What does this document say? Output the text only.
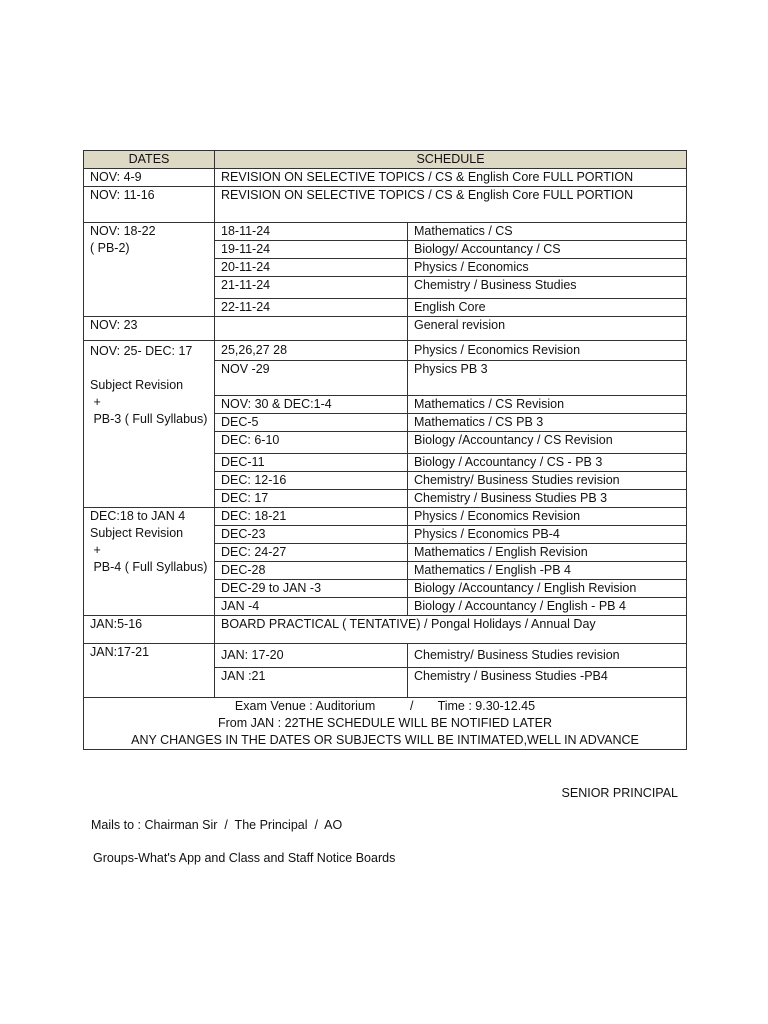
DATES	SCHEDULE	
NOV: 4-9	REVISION ON SELECTIVE TOPICS / CS & English Core FULL PORTION	
NOV: 11-16	REVISION ON SELECTIVE TOPICS / CS & English Core FULL PORTION	

NOV: 18-22
( PB-2)	18-11-24	Mathematics / CS
	19-11-24	Biology/ Accountancy / CS
	20-11-24	Physics / Economics
	21-11-24	Chemistry / Business Studies
	22-11-24	English Core
NOV: 23		General revision

NOV: 25- DEC: 17
Subject Revision
+
PB-3 ( Full Syllabus)	25,26,27 28	Physics / Economics Revision
	NOV -29	Physics PB 3
	NOV: 30 & DEC:1-4	Mathematics / CS Revision
	DEC-5	Mathematics / CS PB 3
	DEC: 6-10	Biology /Accountancy / CS Revision
	DEC-11	Biology / Accountancy / CS - PB 3
	DEC: 12-16	Chemistry/ Business Studies revision
	DEC: 17	Chemistry / Business Studies PB 3

DEC:18 to JAN 4
Subject Revision
+
PB-4 ( Full Syllabus)	DEC: 18-21	Physics / Economics Revision
	DEC-23	Physics / Economics PB-4
	DEC: 24-27	Mathematics / English Revision
	DEC-28	Mathematics / English -PB 4
	DEC-29 to JAN -3	Biology /Accountancy / English Revision
	JAN -4	Biology / Accountancy / English - PB 4
JAN:5-16	BOARD PRACTICAL ( TENTATIVE) / Pongal Holidays / Annual Day	
JAN:17-21	JAN: 17-20	Chemistry/ Business Studies revision
	JAN :21	Chemistry / Business Studies -PB4

Exam Venue : Auditorium          /       Time : 9.30-12.45
From JAN : 22THE SCHEDULE WILL BE NOTIFIED LATER
ANY CHANGES IN THE DATES OR SUBJECTS WILL BE INTIMATED,WELL IN ADVANCE		
SENIOR PRINCIPAL
Mails to : Chairman Sir  /  The Principal  /  AO
Groups-What's App and Class and Staff Notice Boards
